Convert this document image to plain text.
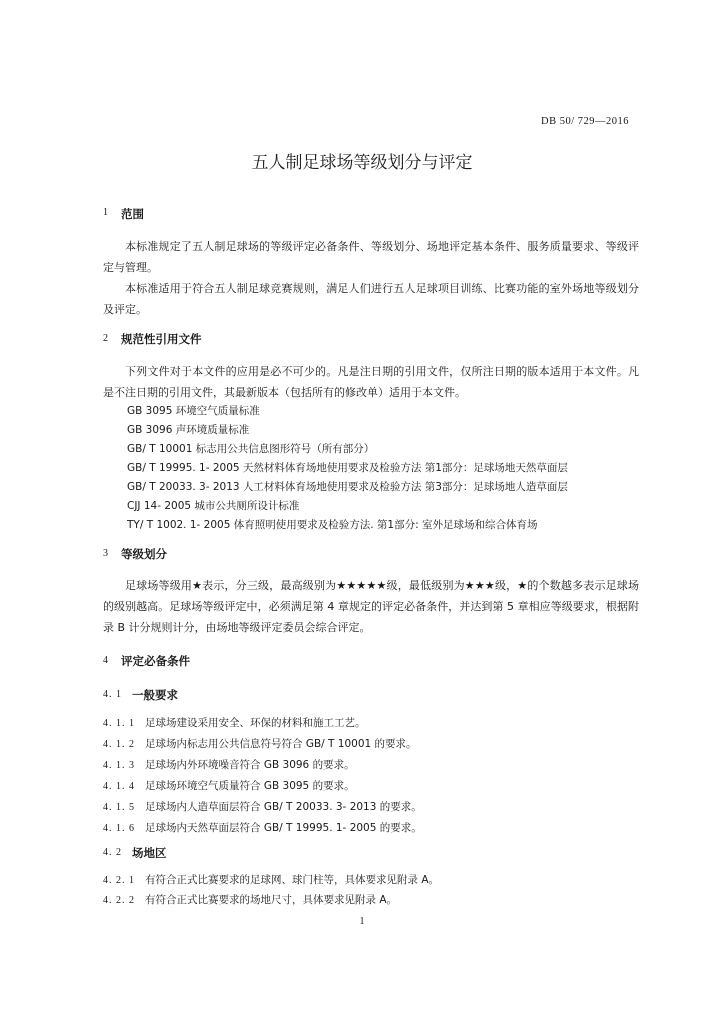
DB 50/ 729—2016
五人制足球场等级划分与评定
1 范围
本标准规定了五人制足球场的等级评定必备条件、等级划分、场地评定基本条件、服务质量要求、等级评定与管理。
本标准适用于符合五人制足球竞赛规则，满足人们进行五人足球项目训练、比赛功能的室外场地等级划分及评定。
2 规范性引用文件
下列文件对于本文件的应用是必不可少的。凡是注日期的引用文件，仅所注日期的版本适用于本文件。凡是不注日期的引用文件，其最新版本（包括所有的修改单）适用于本文件。
GB 3095 环境空气质量标准
GB 3096 声环境质量标准
GB/ T 10001 标志用公共信息图形符号（所有部分）
GB/ T 19995. 1- 2005 天然材料体育场地使用要求及检验方法 第1部分：足球场地天然草面层
GB/ T 20033. 3- 2013 人工材料体育场地使用要求及检验方法 第3部分：足球场地人造草面层
CJJ 14- 2005 城市公共厕所设计标准
TY/ T 1002. 1- 2005 体育照明使用要求及检验方法. 第1部分: 室外足球场和综合体育场
3 等级划分
足球场等级用★表示，分三级，最高级别为★★★★★级，最低级别为★★★级，★的个数越多表示足球场的级别越高。足球场等级评定中，必须满足第 4 章规定的评定必备条件，并达到第 5 章相应等级要求，根据附录 B 计分规则计分，由场地等级评定委员会综合评定。
4 评定必备条件
4. 1 一般要求
4. 1. 1 足球场建设采用安全、环保的材料和施工工艺。
4. 1. 2 足球场内标志用公共信息符号符合 GB/ T 10001 的要求。
4. 1. 3 足球场内外环境噪音符合 GB 3096 的要求。
4. 1. 4 足球场环境空气质量符合 GB 3095 的要求。
4. 1. 5 足球场内人造草面层符合 GB/ T 20033. 3- 2013 的要求。
4. 1. 6 足球场内天然草面层符合 GB/ T 19995. 1- 2005 的要求。
4. 2 场地区
4. 2. 1 有符合正式比赛要求的足球网、球门柱等，具体要求见附录 A。
4. 2. 2 有符合正式比赛要求的场地尺寸，具体要求见附录 A。
1
